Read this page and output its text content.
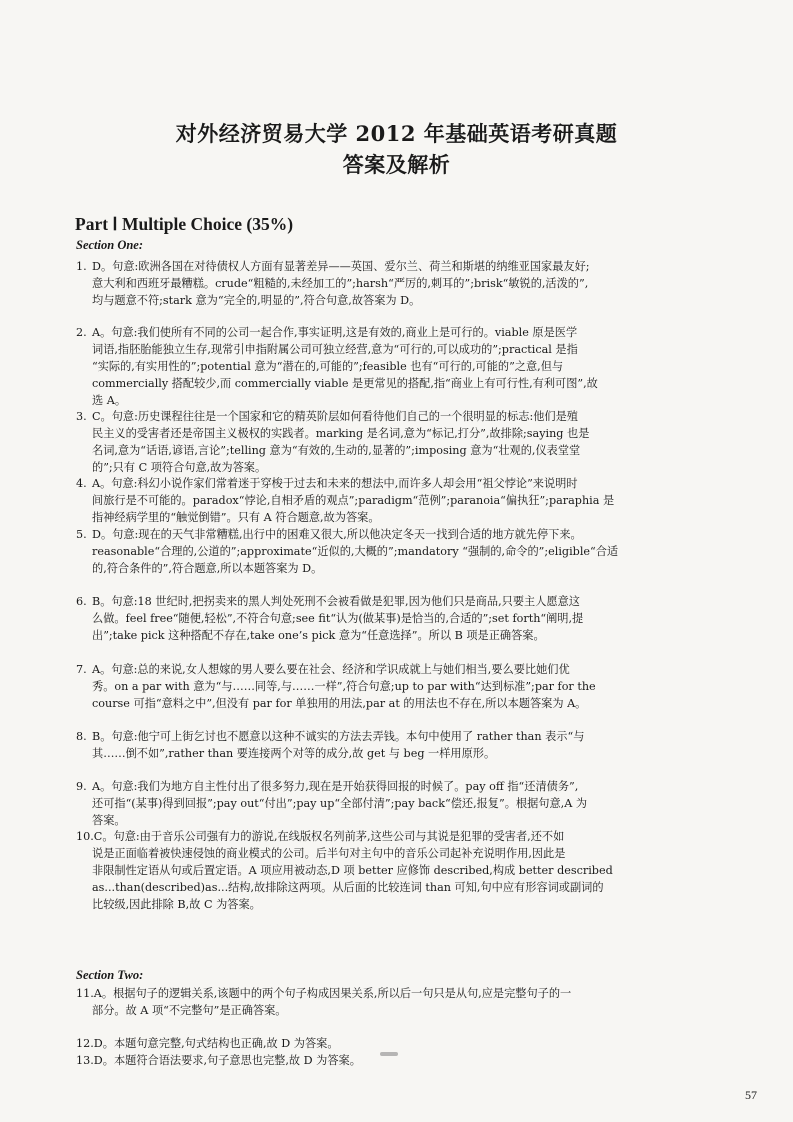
对外经济贸易大学 2012 年基础英语考研真题
答案及解析
Part Ⅰ Multiple Choice (35%)
Section One:
1.D。句意:欧洲各国在对待债权人方面有显著差异——英国、爱尔兰、荷兰和斯堪的纳维亚国家最友好;
意大利和西班牙最糟糕。crude“粗糙的,未经加工的”;harsh“严厉的,刺耳的”;brisk“敏锐的,活泼的”,
均与题意不符;stark 意为“完全的,明显的”,符合句意,故答案为 D。
2.A。句意:我们使所有不同的公司一起合作,事实证明,这是有效的,商业上是可行的。viable 原是医学
词语,指胚胎能独立生存,现常引申指附属公司可独立经营,意为“可行的,可以成功的”;practical 是指
“实际的,有实用性的”;potential 意为“潜在的,可能的”;feasible 也有“可行的,可能的”之意,但与
commercially 搭配较少,而 commercially viable 是更常见的搭配,指“商业上有可行性,有利可图”,故
选 A。
3.C。句意:历史课程往往是一个国家和它的精英阶层如何看待他们自己的一个很明显的标志:他们是殖
民主义的受害者还是帝国主义极权的实践者。marking 是名词,意为“标记,打分”,故排除;saying 也是
名词,意为“话语,谚语,言论”;telling 意为“有效的,生动的,显著的”;imposing 意为“壮观的,仪表堂堂
的”;只有 C 项符合句意,故为答案。
4.A。句意:科幻小说作家们常着迷于穿梭于过去和未来的想法中,而许多人却会用“祖父悖论”来说明时
间旅行是不可能的。paradox“悖论,自相矛盾的观点”;paradigm“范例”;paranoia“偏执狂”;paraphia 是
指神经病学里的“触觉倒错”。只有 A 符合题意,故为答案。
5.D。句意:现在的天气非常糟糕,出行中的困难又很大,所以他决定冬天一找到合适的地方就先停下来。
reasonable“合理的,公道的”;approximate“近似的,大概的”;mandatory “强制的,命令的”;eligible“合适
的,符合条件的”,符合题意,所以本题答案为 D。
6.B。句意:18 世纪时,把拐卖来的黑人判处死刑不会被看做是犯罪,因为他们只是商品,只要主人愿意这
么做。feel free“随便,轻松”,不符合句意;see fit“认为(做某事)是恰当的,合适的”;set forth“阐明,提
出”;take pick 这种搭配不存在,take one’s pick 意为“任意选择”。所以 B 项是正确答案。
7.A。句意:总的来说,女人想嫁的男人要么要在社会、经济和学识成就上与她们相当,要么要比她们优
秀。on a par with 意为“与……同等,与……一样”,符合句意;up to par with“达到标准”;par for the
course 可指“意料之中”,但没有 par for 单独用的用法,par at 的用法也不存在,所以本题答案为 A。
8.B。句意:他宁可上街乞讨也不愿意以这种不诚实的方法去弄钱。本句中使用了 rather than 表示“与
其……倒不如”,rather than 要连接两个对等的成分,故 get 与 beg 一样用原形。
9.A。句意:我们为地方自主性付出了很多努力,现在是开始获得回报的时候了。pay off 指“还清债务”,
还可指“(某事)得到回报”;pay out“付出”;pay up“全部付清”;pay back“偿还,报复”。根据句意,A 为
答案。
10.C。句意:由于音乐公司强有力的游说,在线版权名列前茅,这些公司与其说是犯罪的受害者,还不如
说是正面临着被快速侵蚀的商业模式的公司。后半句对主句中的音乐公司起补充说明作用,因此是
非限制性定语从句或后置定语。A 项应用被动态,D 项 better 应修饰 described,构成 better described
as...than(described)as...结构,故排除这两项。从后面的比较连词 than 可知,句中应有形容词或副词的
比较级,因此排除 B,故 C 为答案。
11.A。根据句子的逻辑关系,该题中的两个句子构成因果关系,所以后一句只是从句,应是完整句子的一
部分。故 A 项“不完整句”是正确答案。
12.D。本题句意完整,句式结构也正确,故 D 为答案。
13.D。本题符合语法要求,句子意思也完整,故 D 为答案。
Section Two:
57
